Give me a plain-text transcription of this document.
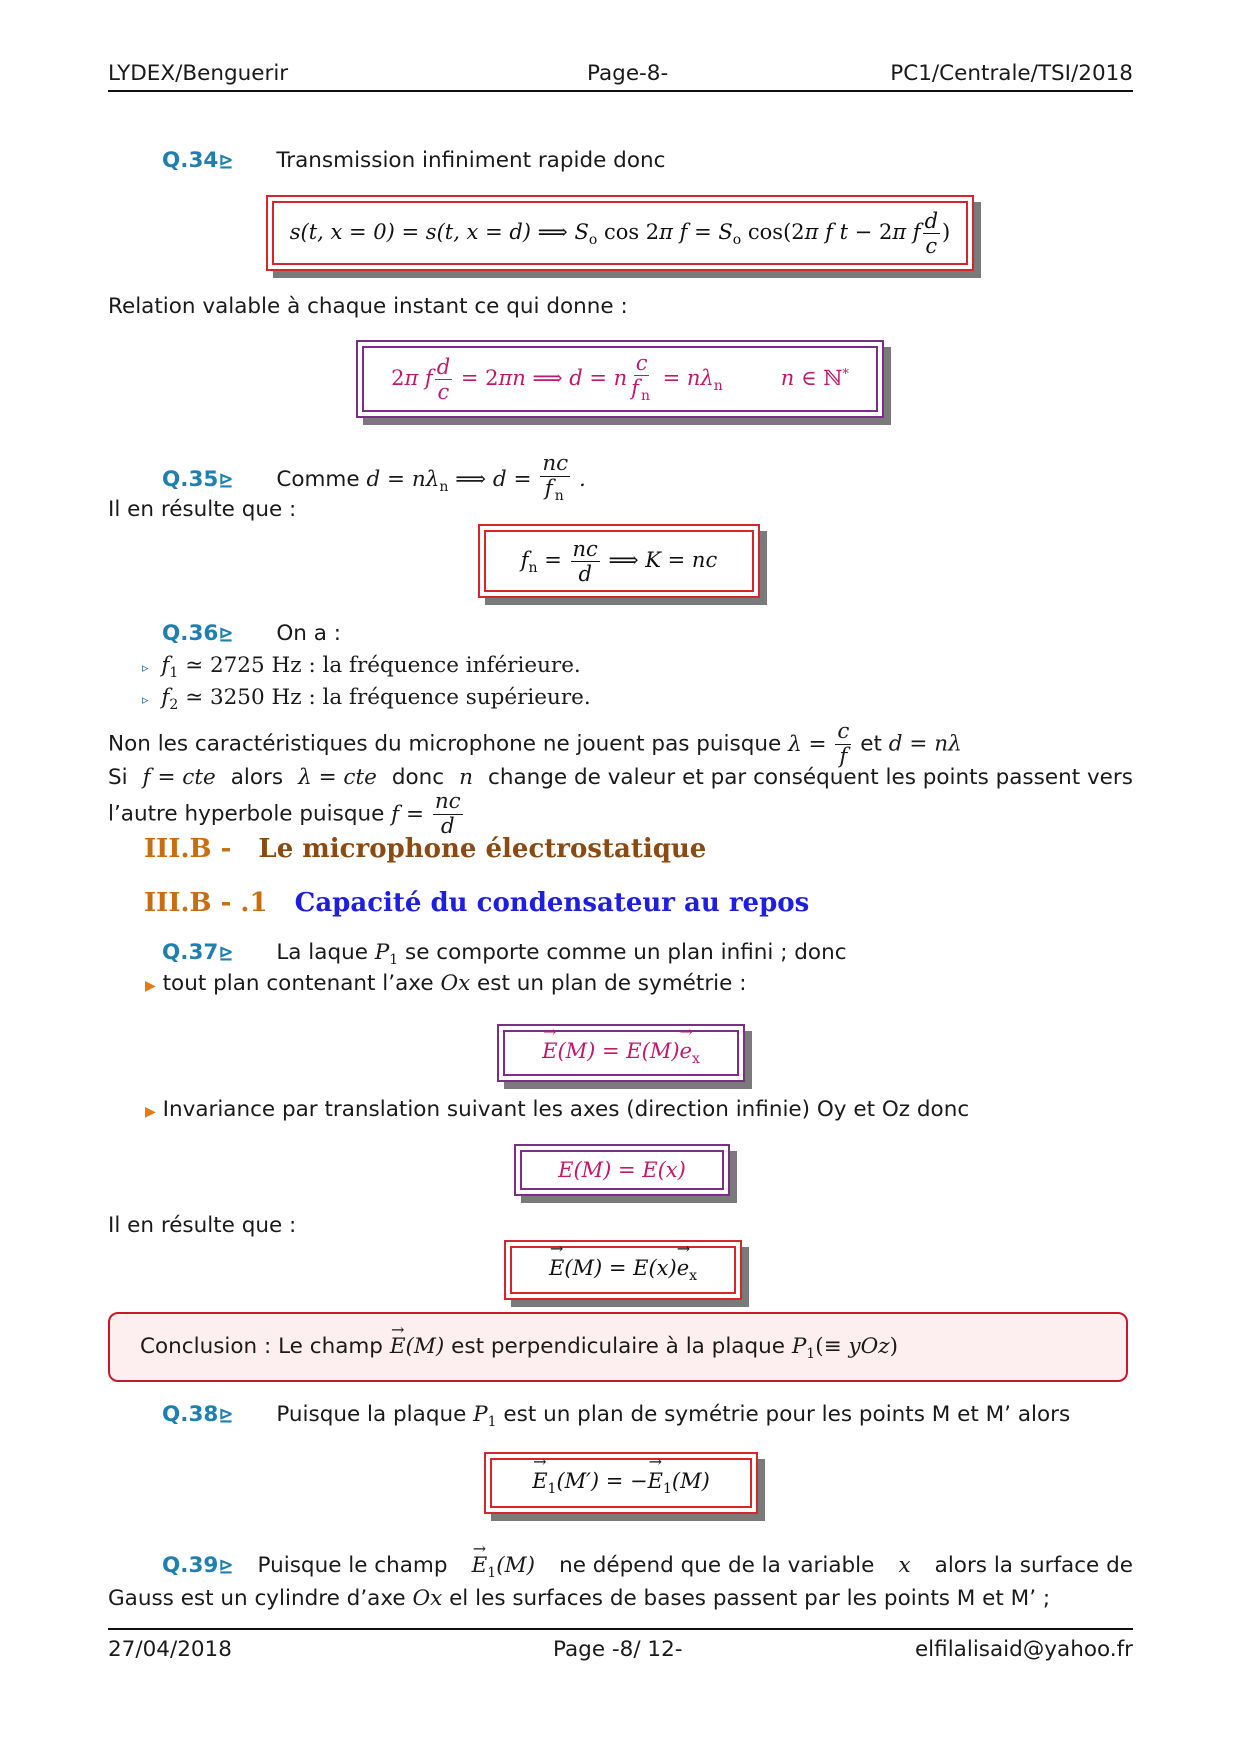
LYDEX/Benguerir	Page-8-	PC1/Centrale/TSI/2018
Q.34⊵ Transmission infiniment rapide donc
s(t, x = 0) = s(t, x = d) ⟹ $S_o$ cos 2π $f = S_o$ cos(2π f t − 2π f $\frac{d}{c}$ )
Relation valable à chaque instant ce qui donne :
2π f $\frac{d}{c} = 2\pi n$ ⟹ d = n $\frac{c}{f _n} = n\lambda_n$	n ∈ ℕ*
Q.35⊵ Comme $d = n\lambda_n$ ⟹ $d = \frac{nc}{f _n}$ .
Il en résulte que :
$f_n = \frac{nc}{d}$ ⟹ K = nc
Q.36⊵ On a :
▹ $f_1$ ≃ 2725 Hz : la fréquence inférieure.
▹ $f_2$ ≃ 3250 Hz : la fréquence supérieure.
Non les caractéristiques du microphone ne jouent pas puisque $\lambda = \frac{c}{f}$ et d = nλ
Si f = cte alors λ = cte donc n change de valeur et par conséquent les points passent vers
l’autre hyperbole puisque $f = \frac{nc}{d}$
III.B - Le microphone électrostatique
III.B - .1 Capacité du condensateur au repos
Q.37⊵ La laque $P_1$ se comporte comme un plan infini ; donc
▶ tout plan contenant l’axe Ox est un plan de symétrie :
→ $E(M) = E(M)\to e_x$
▶ Invariance par translation suivant les axes (direction infinie) Oy et Oz donc
E(M) = E(x)
Il en résulte que :
→ $E(M) = E(x)\to e_x$
Conclusion : Le champ → E(M) est perpendiculaire à la plaque $P_1(\equiv yOz)$
Q.38⊵ Puisque la plaque $P_1$ est un plan de symétrie pour les points M et M’ alors
→ $E_1(M')$ = −→ $E_1(M)$
Q.39⊵ Puisque le champ → $E_1(M)$ ne dépend que de la variable x alors la surface de
Gauss est un cylindre d’axe Ox el les surfaces de bases passent par les points M et M’ ;
27/04/2018	Page -8/ 12-	elfilalisaid@yahoo.fr
